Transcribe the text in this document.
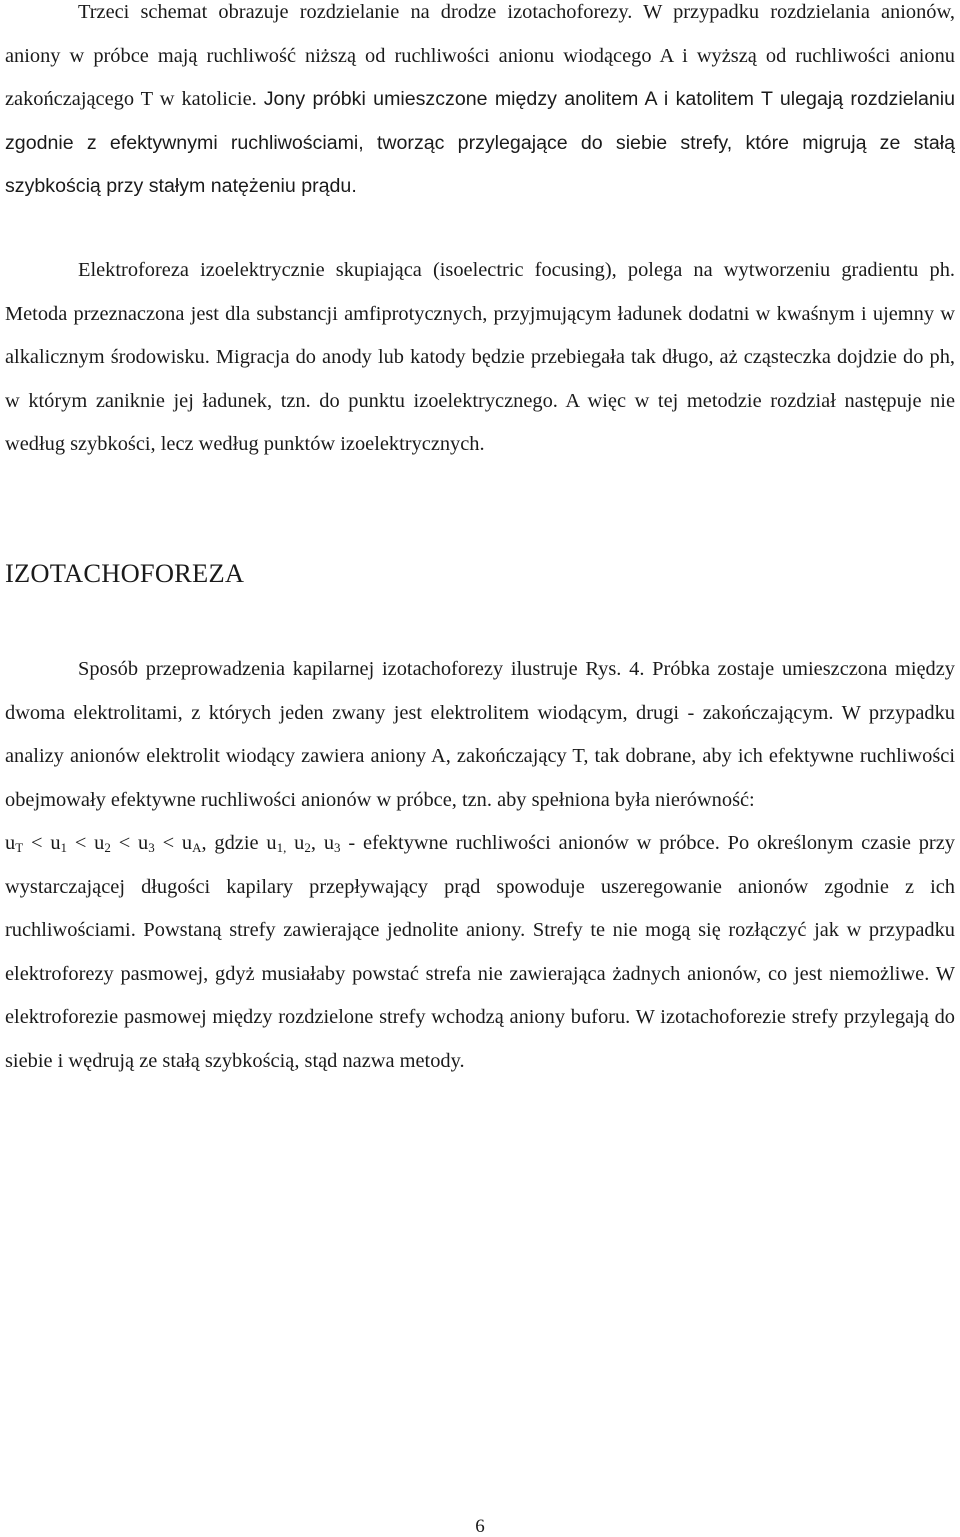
Trzeci schemat obrazuje rozdzielanie na drodze izotachoforezy. W przypadku rozdzielania anionów, aniony w próbce mają ruchliwość niższą od ruchliwości anionu wiodącego A i wyższą od ruchliwości anionu zakończającego T w katolicie. Jony próbki umieszczone między anolitem A i katolitem T ulegają rozdzielaniu zgodnie z efektywnymi ruchliwościami, tworząc przylegające do siebie strefy, które migrują ze stałą szybkością przy stałym natężeniu prądu.

Elektroforeza izoelektrycznie skupiająca (isoelectric focusing), polega na wytworzeniu gradientu ph. Metoda przeznaczona jest dla substancji amfiprotycznych, przyjmującym ładunek dodatni w kwaśnym i ujemny w alkalicznym środowisku. Migracja do anody lub katody będzie przebiegała tak długo, aż cząsteczka dojdzie do ph, w którym zaniknie jej ładunek, tzn. do punktu izoelektrycznego. A więc w tej metodzie rozdział następuje nie według szybkości, lecz według punktów izoelektrycznych.

IZOTACHOFOREZA

Sposób przeprowadzenia kapilarnej izotachoforezy ilustruje Rys. 4. Próbka zostaje umieszczona między dwoma elektrolitami, z których jeden zwany jest elektrolitem wiodącym, drugi - zakończającym. W przypadku analizy anionów elektrolit wiodący zawiera aniony A, zakończający T, tak dobrane, aby ich efektywne ruchliwości obejmowały efektywne ruchliwości anionów w próbce, tzn. aby spełniona była nierówność:
$u_T < u_1 < u_2 < u_3 < u_A$, gdzie $u_{1,}$ $u_2$, $u_3$ - efektywne ruchliwości anionów w próbce. Po określonym czasie przy wystarczającej długości kapilary przepływający prąd spowoduje uszeregowanie anionów zgodnie z ich ruchliwościami. Powstaną strefy zawierające jednolite aniony. Strefy te nie mogą się rozłączyć jak w przypadku elektroforezy pasmowej, gdyż musiałaby powstać strefa nie zawierająca żadnych anionów, co jest niemożliwe. W elektroforezie pasmowej między rozdzielone strefy wchodzą aniony buforu. W izotachoforezie strefy przylegają do siebie i wędrują ze stałą szybkością, stąd nazwa metody.

6
